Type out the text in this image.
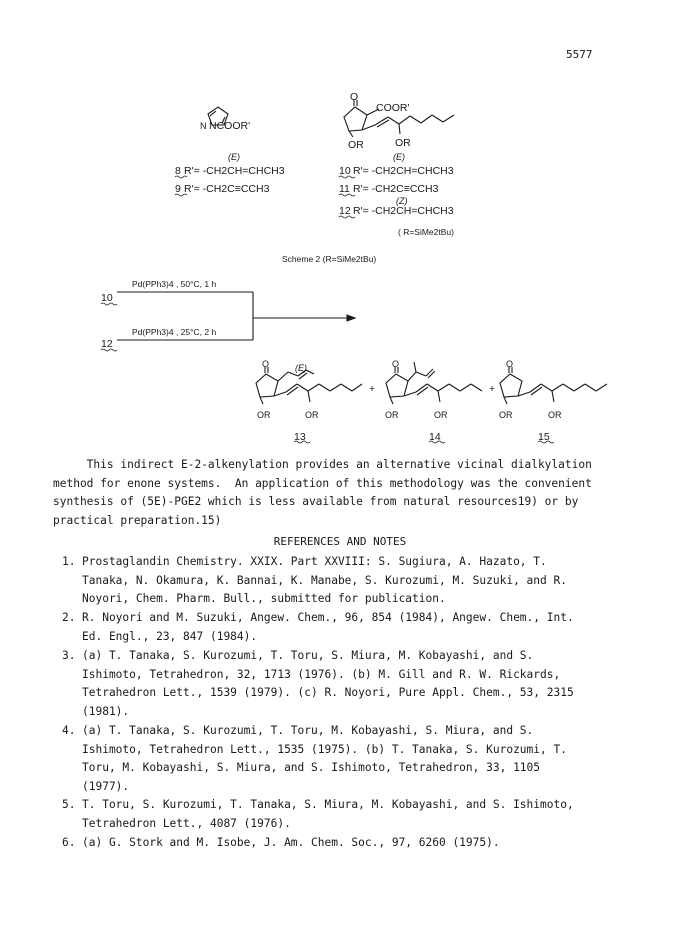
5577
N NCOOR'
(E)
8 R'= -CH2CH=CHCH3
9 R'= -CH2C≡CCH3
O
COOR'
OR	OR
(E)
10 R'= -CH2CH=CHCH3
11 R'= -CH2C≡CCH3
(Z)
12 R'= -CH2CH=CHCH3
( R=SiMe2tBu)
Scheme 2 (R=SiMe2tBu)
Pd(PPh3)4 , 50°C, 1 h
10
Pd(PPh3)4 , 25°C, 2 h
12
O	(E)
OR	OR
+
O
OR	OR
+
O
OR	OR
13	14	15
This indirect E-2-alkenylation provides an alternative vicinal dialkylation
method for enone systems.  An application of this methodology was the convenient
synthesis of (5E)-PGE2 which is less available from natural resources19) or by
practical preparation.15)
REFERENCES AND NOTES
1. Prostaglandin Chemistry. XXIX. Part XXVIII: S. Sugiura, A. Hazato, T.
Tanaka, N. Okamura, K. Bannai, K. Manabe, S. Kurozumi, M. Suzuki, and R.
Noyori, Chem. Pharm. Bull., submitted for publication.
2. R. Noyori and M. Suzuki, Angew. Chem., 96, 854 (1984), Angew. Chem., Int.
Ed. Engl., 23, 847 (1984).
3. (a) T. Tanaka, S. Kurozumi, T. Toru, S. Miura, M. Kobayashi, and S.
Ishimoto, Tetrahedron, 32, 1713 (1976). (b) M. Gill and R. W. Rickards,
Tetrahedron Lett., 1539 (1979). (c) R. Noyori, Pure Appl. Chem., 53, 2315
(1981).
4. (a) T. Tanaka, S. Kurozumi, T. Toru, M. Kobayashi, S. Miura, and S.
Ishimoto, Tetrahedron Lett., 1535 (1975). (b) T. Tanaka, S. Kurozumi, T.
Toru, M. Kobayashi, S. Miura, and S. Ishimoto, Tetrahedron, 33, 1105
(1977).
5. T. Toru, S. Kurozumi, T. Tanaka, S. Miura, M. Kobayashi, and S. Ishimoto,
Tetrahedron Lett., 4087 (1976).
6. (a) G. Stork and M. Isobe, J. Am. Chem. Soc., 97, 6260 (1975).
